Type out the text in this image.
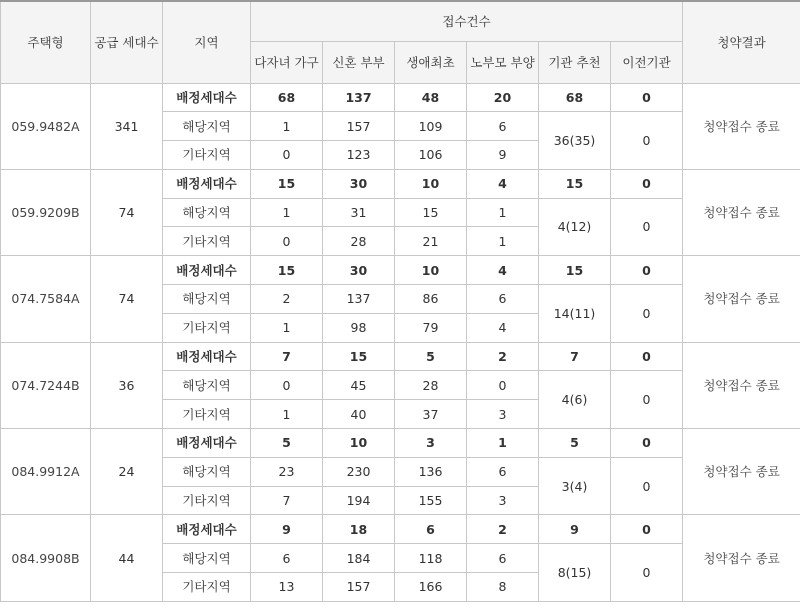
주택형	공급 세대수	지역	접수건수						청약결과
			다자녀 가구	신혼 부부	생애최초	노부모 부양	기관 추천	이전기관	
059.9482A	341	배정세대수	68	137	48	20	68	0	청약접수 종료
		해당지역	1	157	109	6	36(35)	0	
		기타지역	0	123	106	9			
059.9209B	74	배정세대수	15	30	10	4	15	0	청약접수 종료
		해당지역	1	31	15	1	4(12)	0	
		기타지역	0	28	21	1			
074.7584A	74	배정세대수	15	30	10	4	15	0	청약접수 종료
		해당지역	2	137	86	6	14(11)	0	
		기타지역	1	98	79	4			
074.7244B	36	배정세대수	7	15	5	2	7	0	청약접수 종료
		해당지역	0	45	28	0	4(6)	0	
		기타지역	1	40	37	3			
084.9912A	24	배정세대수	5	10	3	1	5	0	청약접수 종료
		해당지역	23	230	136	6	3(4)	0	
		기타지역	7	194	155	3			
084.9908B	44	배정세대수	9	18	6	2	9	0	청약접수 종료
		해당지역	6	184	118	6	8(15)	0	
		기타지역	13	157	166	8			
